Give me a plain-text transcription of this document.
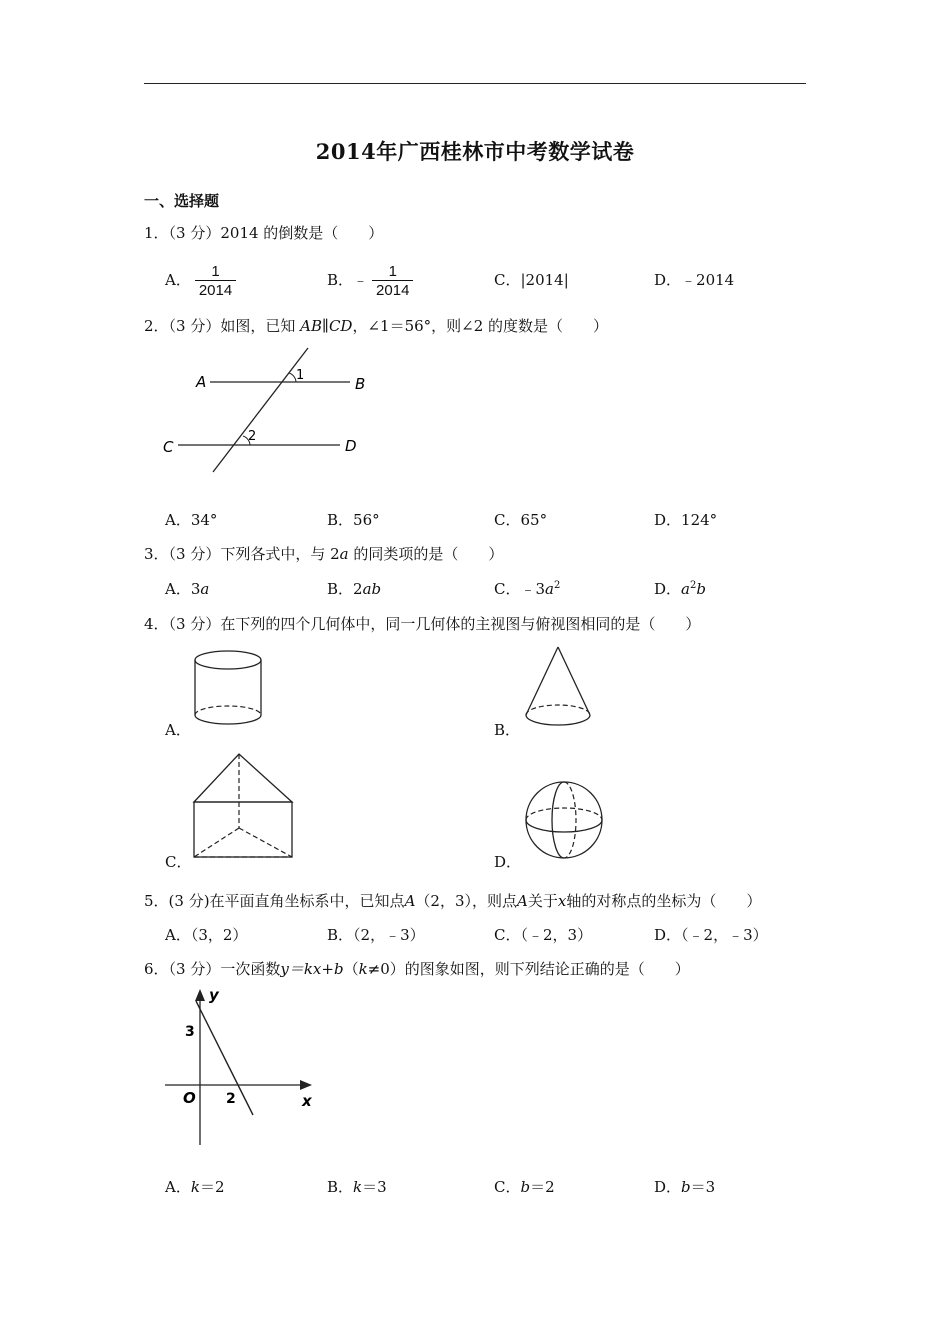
2014年广西桂林市中考数学试卷
一、选择题
1．（3 分）2014 的倒数是（　　）
A． $\frac{1}{2014}$	B．﹣ $\frac{1}{2014}$	C．|2014|	D．﹣2014
2．（3 分）如图，已知 AB∥CD，∠1＝56°，则∠2 的度数是（　　）
A	B
C	D
1
2
A．34°	B．56°	C．65°	D．124°
3．（3 分）下列各式中，与 2a 的同类项的是（　　）
A．3a	B．2ab	C．$﹣3a^2$	D．$a^2b$
4．（3 分）在下列的四个几何体中，同一几何体的主视图与俯视图相同的是（　　）
A．	B．
C．	D．
5．(3 分)在平面直角坐标系中，已知点A（2，3），则点A关于x轴的对称点的坐标为（　　）
A．（3，2）	B．（2，﹣3）	C．（﹣2，3）	D．（﹣2，﹣3）
6．（3 分）一次函数y＝kx+b（k≠0）的图象如图，则下列结论正确的是（　　）
y
x
O
3
2
A．k＝2	B．k＝3	C．b＝2	D．b＝3
